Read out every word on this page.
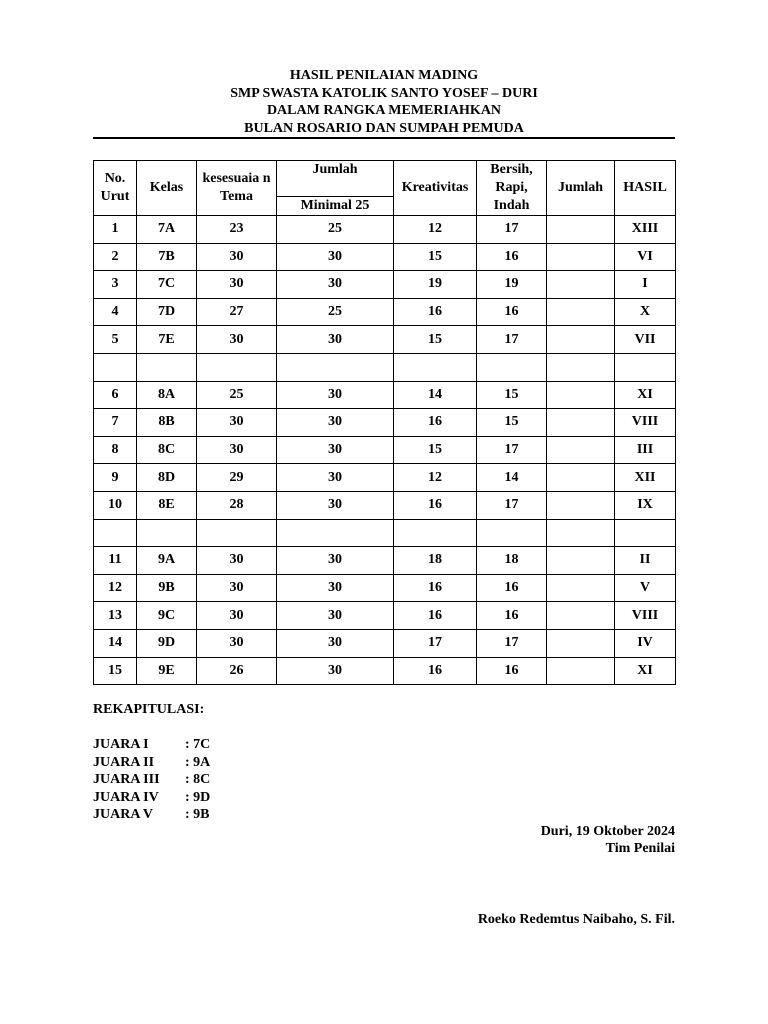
HASIL PENILAIAN MADING
SMP SWASTA KATOLIK SANTO YOSEF – DURI
DALAM RANGKA MEMERIAHKAN
BULAN ROSARIO DAN SUMPAH PEMUDA
No. Urut	Kelas	kesesuaia n Tema	Jumlah	Kreativitas	Bersih, Rapi, Indah	Jumlah	HASIL
			Minimal 25				
1	7A	23	25	12	17		XIII
2	7B	30	30	15	16		VI
3	7C	30	30	19	19		I
4	7D	27	25	16	16		X
5	7E	30	30	15	17		VII

6	8A	25	30	14	15		XI
7	8B	30	30	16	15		VIII
8	8C	30	30	15	17		III
9	8D	29	30	12	14		XII
10	8E	28	30	16	17		IX

11	9A	30	30	18	18		II
12	9B	30	30	16	16		V
13	9C	30	30	16	16		VIII
14	9D	30	30	17	17		IV
15	9E	26	30	16	16		XI
REKAPITULASI:
JUARA I	: 7C
JUARA II	: 9A
JUARA III	: 8C
JUARA IV	: 9D
JUARA V	: 9B
Duri, 19 Oktober 2024
Tim Penilai
Roeko Redemtus Naibaho, S. Fil.
